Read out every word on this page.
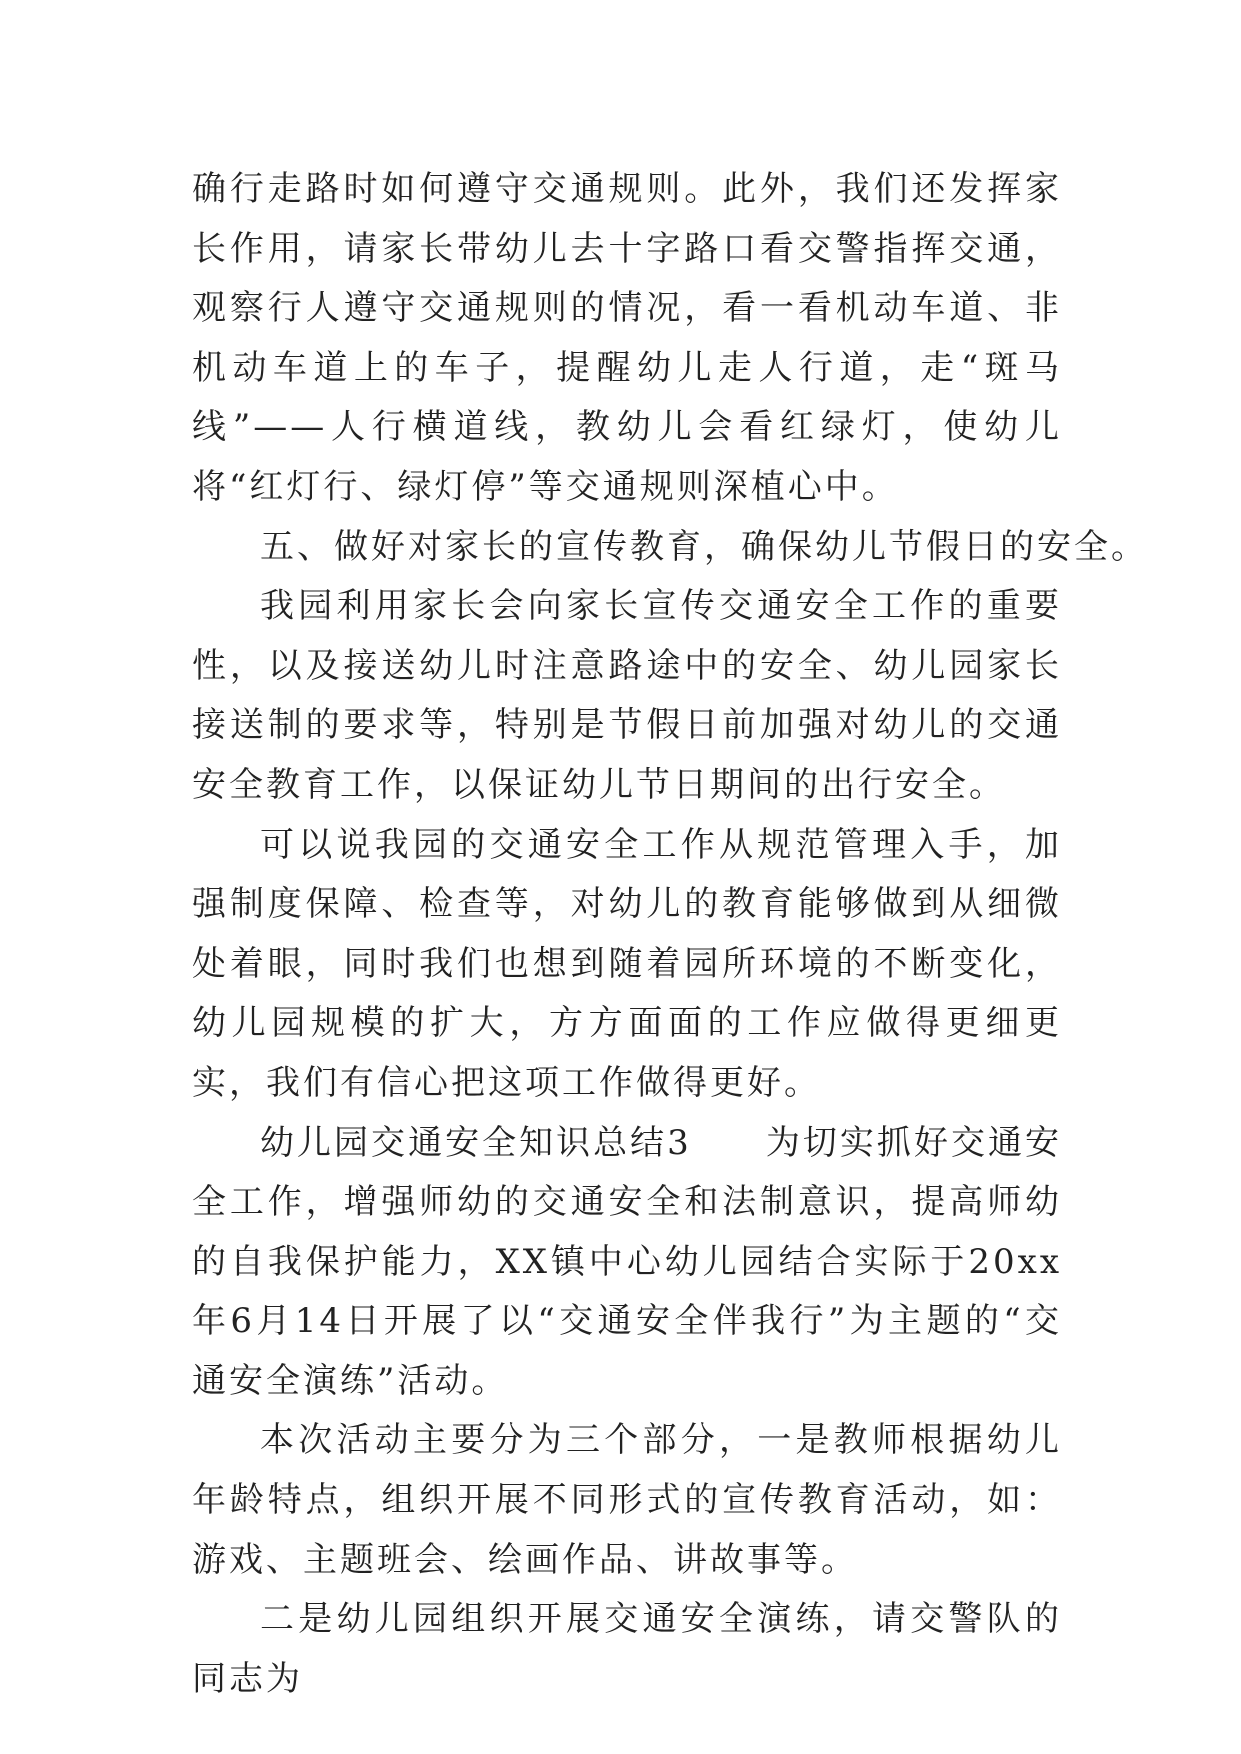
确行走路时如何遵守交通规则。此外，我们还发挥家长作用，请家长带幼儿去十字路口看交警指挥交通，观察行人遵守交通规则的情况，看一看机动车道、非机动车道上的车子，提醒幼儿走人行道，走“斑马线”——人行横道线，教幼儿会看红绿灯，使幼儿将“红灯行、绿灯停”等交通规则深植心中。

五、做好对家长的宣传教育，确保幼儿节假日的安全。

我园利用家长会向家长宣传交通安全工作的重要性，以及接送幼儿时注意路途中的安全、幼儿园家长接送制的要求等，特别是节假日前加强对幼儿的交通安全教育工作，以保证幼儿节日期间的出行安全。

可以说我园的交通安全工作从规范管理入手，加强制度保障、检查等，对幼儿的教育能够做到从细微处着眼，同时我们也想到随着园所环境的不断变化，幼儿园规模的扩大，方方面面的工作应做得更细更实，我们有信心把这项工作做得更好。

幼儿园交通安全知识总结3　　为切实抓好交通安全工作，增强师幼的交通安全和法制意识，提高师幼的自我保护能力，XX镇中心幼儿园结合实际于20xx年6月14日开展了以“交通安全伴我行”为主题的“交通安全演练”活动。

本次活动主要分为三个部分，一是教师根据幼儿年龄特点，组织开展不同形式的宣传教育活动，如：游戏、主题班会、绘画作品、讲故事等。

二是幼儿园组织开展交通安全演练，请交警队的同志为
